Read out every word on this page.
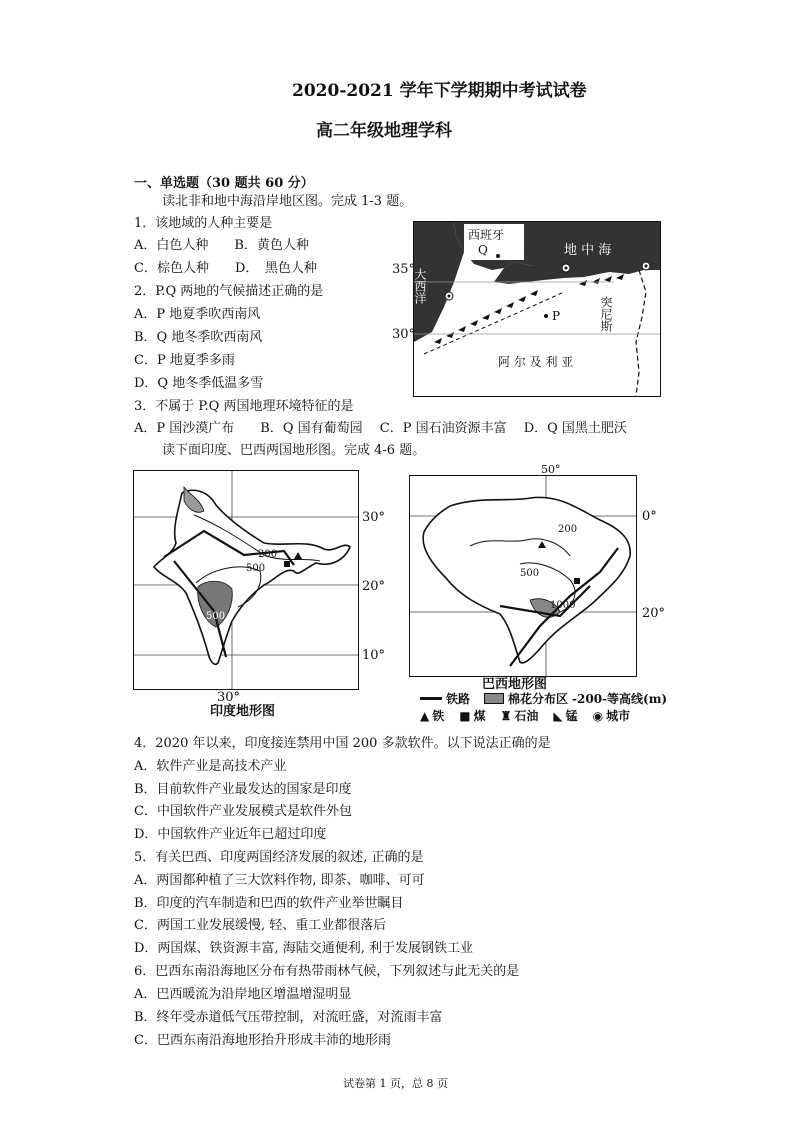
2020-2021 学年下学期期中考试试卷
高二年级地理学科
一、单选题（30 题共 60 分）
读北非和地中海沿岸地区图。完成 1-3 题。
1．该地域的人种主要是
A．白色人种　　B．黄色人种
C．棕色人种　　D．　黑色人种
2．P.Q 两地的气候描述正确的是
A．P 地夏季吹西南风
B．Q 地冬季吹西南风
C．P 地夏季多雨
D．Q 地冬季低温多雪
3．不属于 P.Q 两国地理环境特征的是
A．P 国沙漠广布　　B．Q 国有葡萄园　 C．P 国石油资源丰富　 D．Q 国黑土肥沃
读下面印度、巴西两国地形图。完成 4-6 题。
西班牙
Q
P
地 中 海
大西洋
突尼斯
阿 尔 及 利 亚
35°
30°
200
500
500
30°
20°
10°
30°
印度地形图
200
500
1000
50°
0°
20°
巴西地形图
铁路	棉花分布区 -200-等高线(m)
▲ 铁 ■ 煤 ♜ 石油 ◣ 锰 ◉ 城市
4．2020 年以来，印度接连禁用中国 200 多款软件。以下说法正确的是
A．软件产业是高技术产业
B．目前软件产业最发达的国家是印度
C．中国软件产业发展模式是软件外包
D．中国软件产业近年已超过印度
5．有关巴西、印度两国经济发展的叙述, 正确的是
A．两国都种植了三大饮料作物, 即茶、咖啡、可可
B．印度的汽车制造和巴西的软件产业举世瞩目
C．两国工业发展缓慢, 轻、重工业都很落后
D．两国煤、铁资源丰富, 海陆交通便利, 利于发展钢铁工业
6．巴西东南沿海地区分布有热带雨林气候，下列叙述与此无关的是
A．巴西暖流为沿岸地区增温增湿明显
B．终年受赤道低气压带控制，对流旺盛，对流雨丰富
C．巴西东南沿海地形抬升形成丰沛的地形雨
试卷第 1 页，总 8 页
